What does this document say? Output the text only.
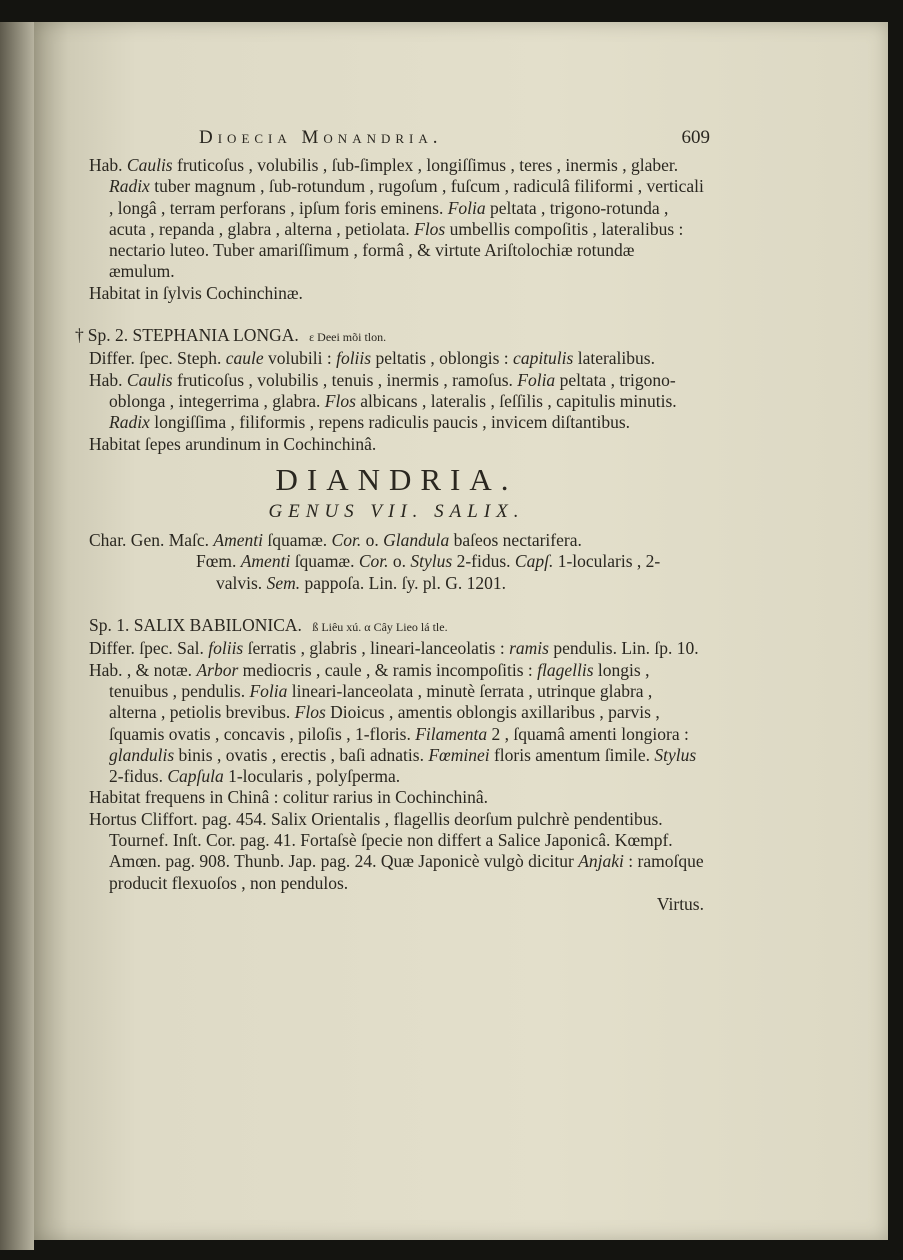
Dioecia Monandria.	609

Hab. Caulis fruticoſus , volubilis , ſub-ſimplex , longiſſimus , teres , inermis , glaber. Radix tuber magnum , ſub-rotundum , rugoſum , fuſcum , radiculâ filiformi , verticali , longâ , terram perforans , ipſum foris eminens. Folia peltata , trigono-rotunda , acuta , repanda , glabra , alterna , petiolata. Flos umbellis compoſitis , lateralibus : nectario luteo. Tuber amariſſimum , formâ , & virtute Ariſtolochiæ rotundæ æmulum.

Habitat in ſylvis Cochinchinæ.

† Sp. 2. STEPHANIA LONGA. ɛ Deei mõi tlon.

Differ. ſpec. Steph. caule volubili : foliis peltatis , oblongis : capitulis lateralibus.

Hab. Caulis fruticoſus , volubilis , tenuis , inermis , ramoſus. Folia peltata , trigono-oblonga , integerrima , glabra. Flos albicans , lateralis , ſeſſilis , capitulis minutis. Radix longiſſima , filiformis , repens radiculis paucis , invicem diſtantibus.

Habitat ſepes arundinum in Cochinchinâ.

DIANDRIA.

GENUS VII. SALIX.

Char. Gen. Maſc. Amenti ſquamæ. Cor. o. Glandula baſeos nectarifera.

Fœm. Amenti ſquamæ. Cor. o. Stylus 2-fidus. Capſ. 1-locularis , 2-valvis. Sem. pappoſa. Lin. ſy. pl. G. 1201.

Sp. 1. SALIX BABILONICA. ß Liêu xú. α Cây Lieo lá tle.

Differ. ſpec. Sal. foliis ſerratis , glabris , lineari-lanceolatis : ramis pendulis. Lin. ſp. 10.

Hab. , & notæ. Arbor mediocris , caule , & ramis incompoſitis : flagellis longis , tenuibus , pendulis. Folia lineari-lanceolata , minutè ſerrata , utrinque glabra , alterna , petiolis brevibus. Flos Dioicus , amentis oblongis axillaribus , parvis , ſquamis ovatis , concavis , piloſis , 1-floris. Filamenta 2 , ſquamâ amenti longiora : glandulis binis , ovatis , erectis , baſi adnatis. Fœminei floris amentum ſimile. Stylus 2-fidus. Capſula 1-locularis , polyſperma.

Habitat frequens in Chinâ : colitur rarius in Cochinchinâ.

Hortus Cliffort. pag. 454. Salix Orientalis , flagellis deorſum pulchrè pendentibus. Tournef. Inſt. Cor. pag. 41. Fortaſsè ſpecie non differt a Salice Japonicâ. Kœmpf. Amœn. pag. 908. Thunb. Jap. pag. 24. Quæ Japonicè vulgò dicitur Anjaki : ramoſque producit flexuoſos , non pendulos.

Virtus.
